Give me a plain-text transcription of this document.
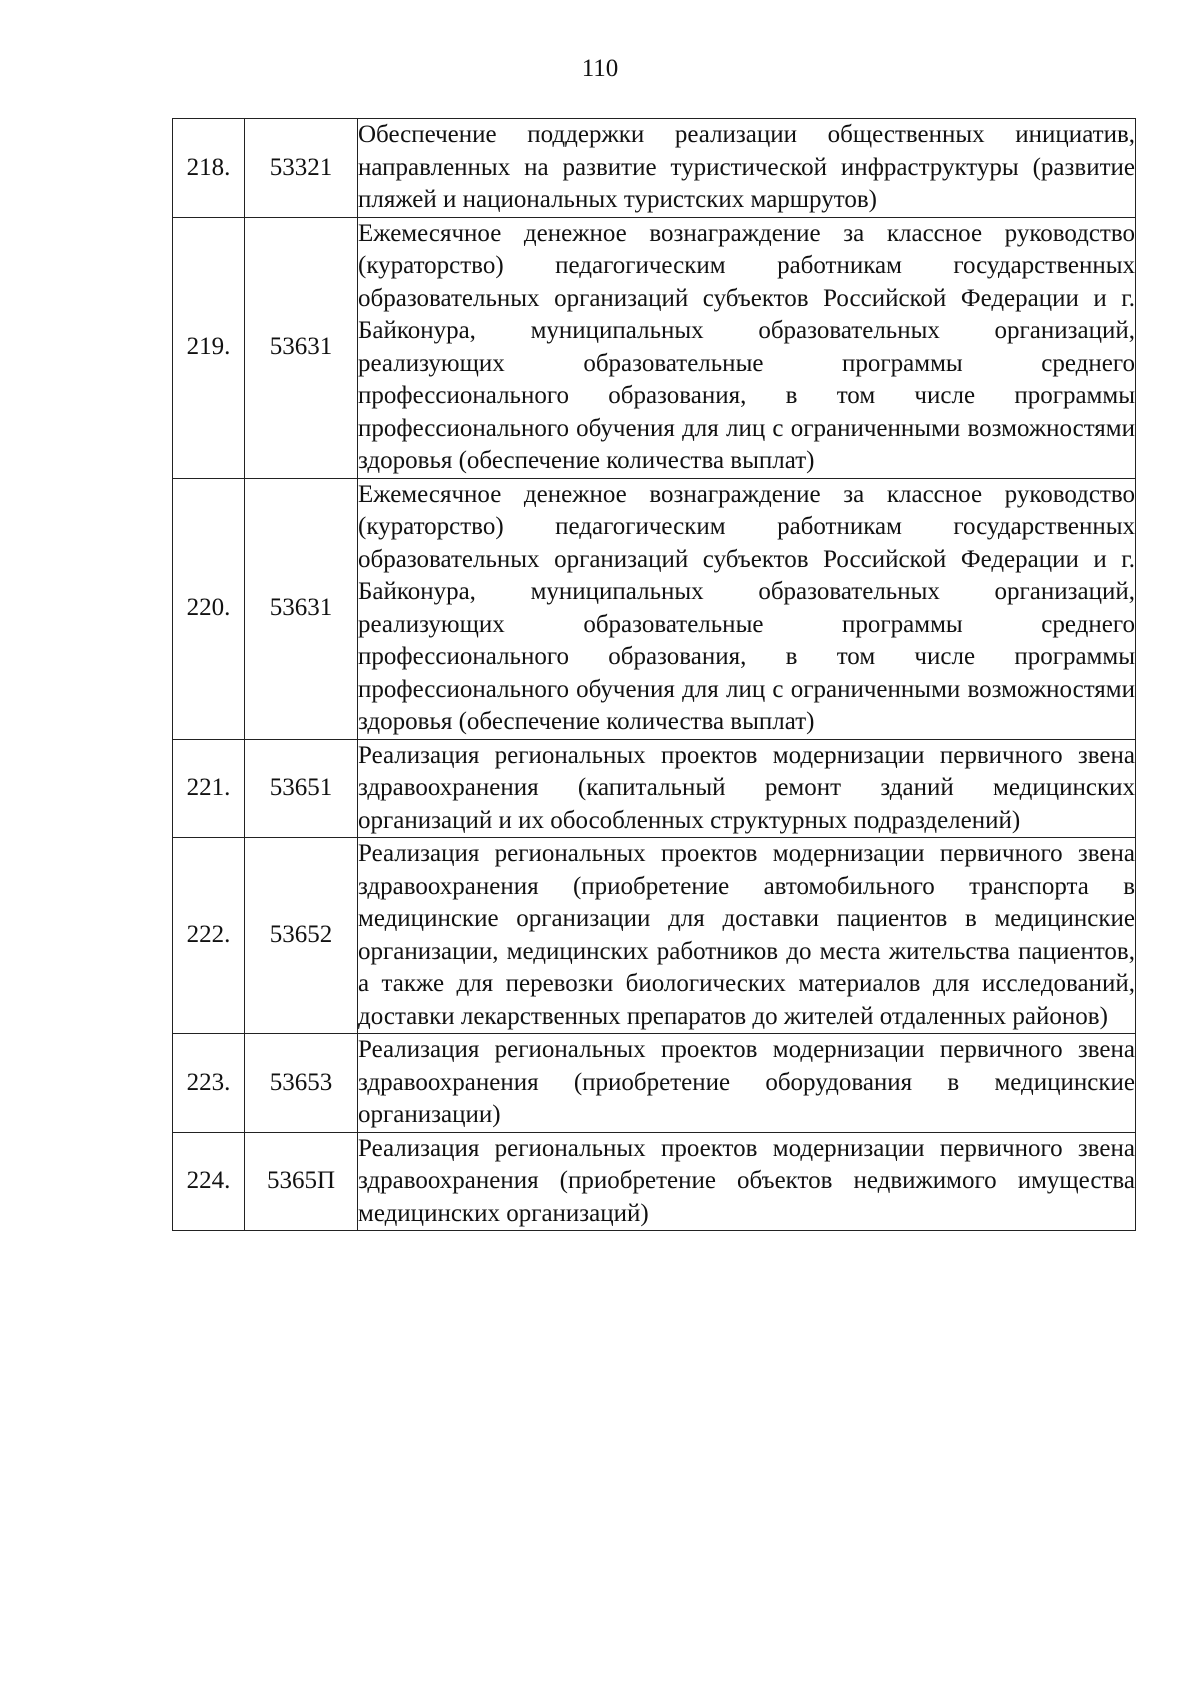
110
218.	53321	Обеспечение поддержки реализации общественных инициатив, направленных на развитие туристической инфраструктуры (развитие пляжей и национальных туристских маршрутов)
219.	53631	Ежемесячное денежное вознаграждение за классное руководство (кураторство) педагогическим работникам государственных образовательных организаций субъектов Российской Федерации и г. Байконура, муниципальных образовательных организаций, реализующих образовательные программы среднего профессионального образования, в том числе программы профессионального обучения для лиц с ограниченными возможностями здоровья (обеспечение количества выплат)
220.	53631	Ежемесячное денежное вознаграждение за классное руководство (кураторство) педагогическим работникам государственных образовательных организаций субъектов Российской Федерации и г. Байконура, муниципальных образовательных организаций, реализующих образовательные программы среднего профессионального образования, в том числе программы профессионального обучения для лиц с ограниченными возможностями здоровья (обеспечение количества выплат)
221.	53651	Реализация региональных проектов модернизации первичного звена здравоохранения (капитальный ремонт зданий медицинских организаций и их обособленных структурных подразделений)
222.	53652	Реализация региональных проектов модернизации первичного звена здравоохранения (приобретение автомобильного транспорта в медицинские организации для доставки пациентов в медицинские организации, медицинских работников до места жительства пациентов, а также для перевозки биологических материалов для исследований, доставки лекарственных препаратов до жителей отдаленных районов)
223.	53653	Реализация региональных проектов модернизации первичного звена здравоохранения (приобретение оборудования в медицинские организации)
224.	5365П	Реализация региональных проектов модернизации первичного звена здравоохранения (приобретение объектов недвижимого имущества медицинских организаций)
